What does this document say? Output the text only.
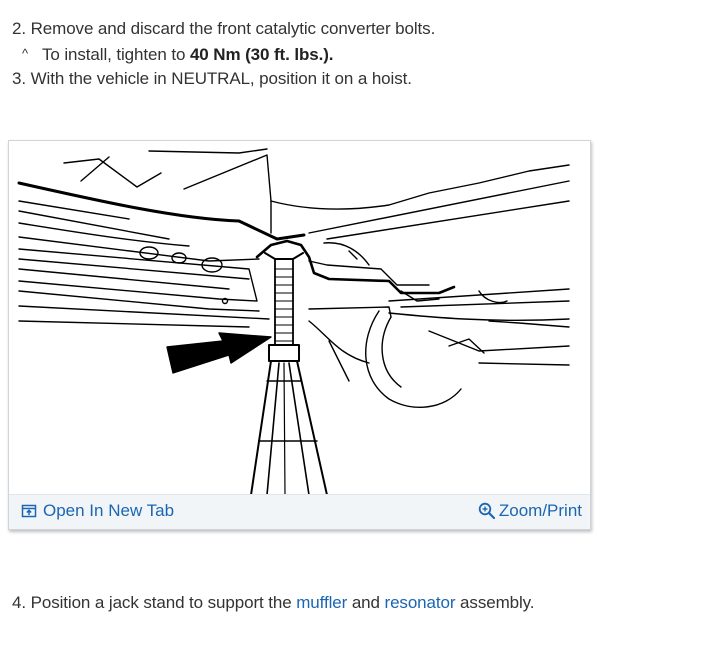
2. Remove and discard the front catalytic converter bolts.
^ To install, tighten to 40 Nm (30 ft. lbs.).
3. With the vehicle in NEUTRAL, position it on a hoist.
Open In New Tab	Zoom/Print
4. Position a jack stand to support the muffler and resonator assembly.
